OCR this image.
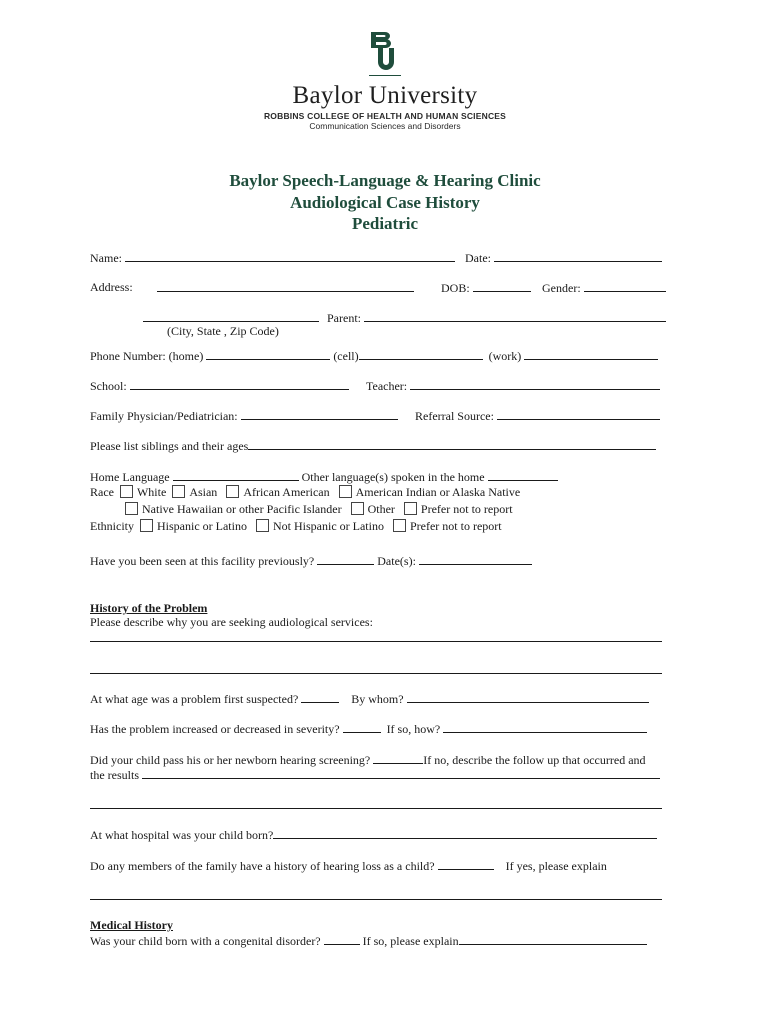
Baylor University
ROBBINS COLLEGE OF HEALTH AND HUMAN SCIENCES
Communication Sciences and Disorders
Baylor Speech-Language & Hearing Clinic
Audiological Case History
Pediatric
Name:	Date:
Address:	DOB:	Gender:
Parent:
(City, State , Zip Code)
Phone Number: (home)	(cell)	(work)
School:	Teacher:
Family Physician/Pediatrician:	Referral Source:
Please list siblings and their ages
Home Language	Other language(s) spoken in the home
Race White Asian African American American Indian or Alaska Native
Native Hawaiian or other Pacific Islander Other Prefer not to report
Ethnicity Hispanic or Latino Not Hispanic or Latino Prefer not to report
Have you been seen at this facility previously?	Date(s):
History of the Problem
Please describe why you are seeking audiological services:
At what age was a problem first suspected?	By whom?
Has the problem increased or decreased in severity?	If so, how?
Did your child pass his or her newborn hearing screening?	If no, describe the follow up that occurred and
the results
At what hospital was your child born?
Do any members of the family have a history of hearing loss as a child?	If yes, please explain
Medical History
Was your child born with a congenital disorder?	If so, please explain
